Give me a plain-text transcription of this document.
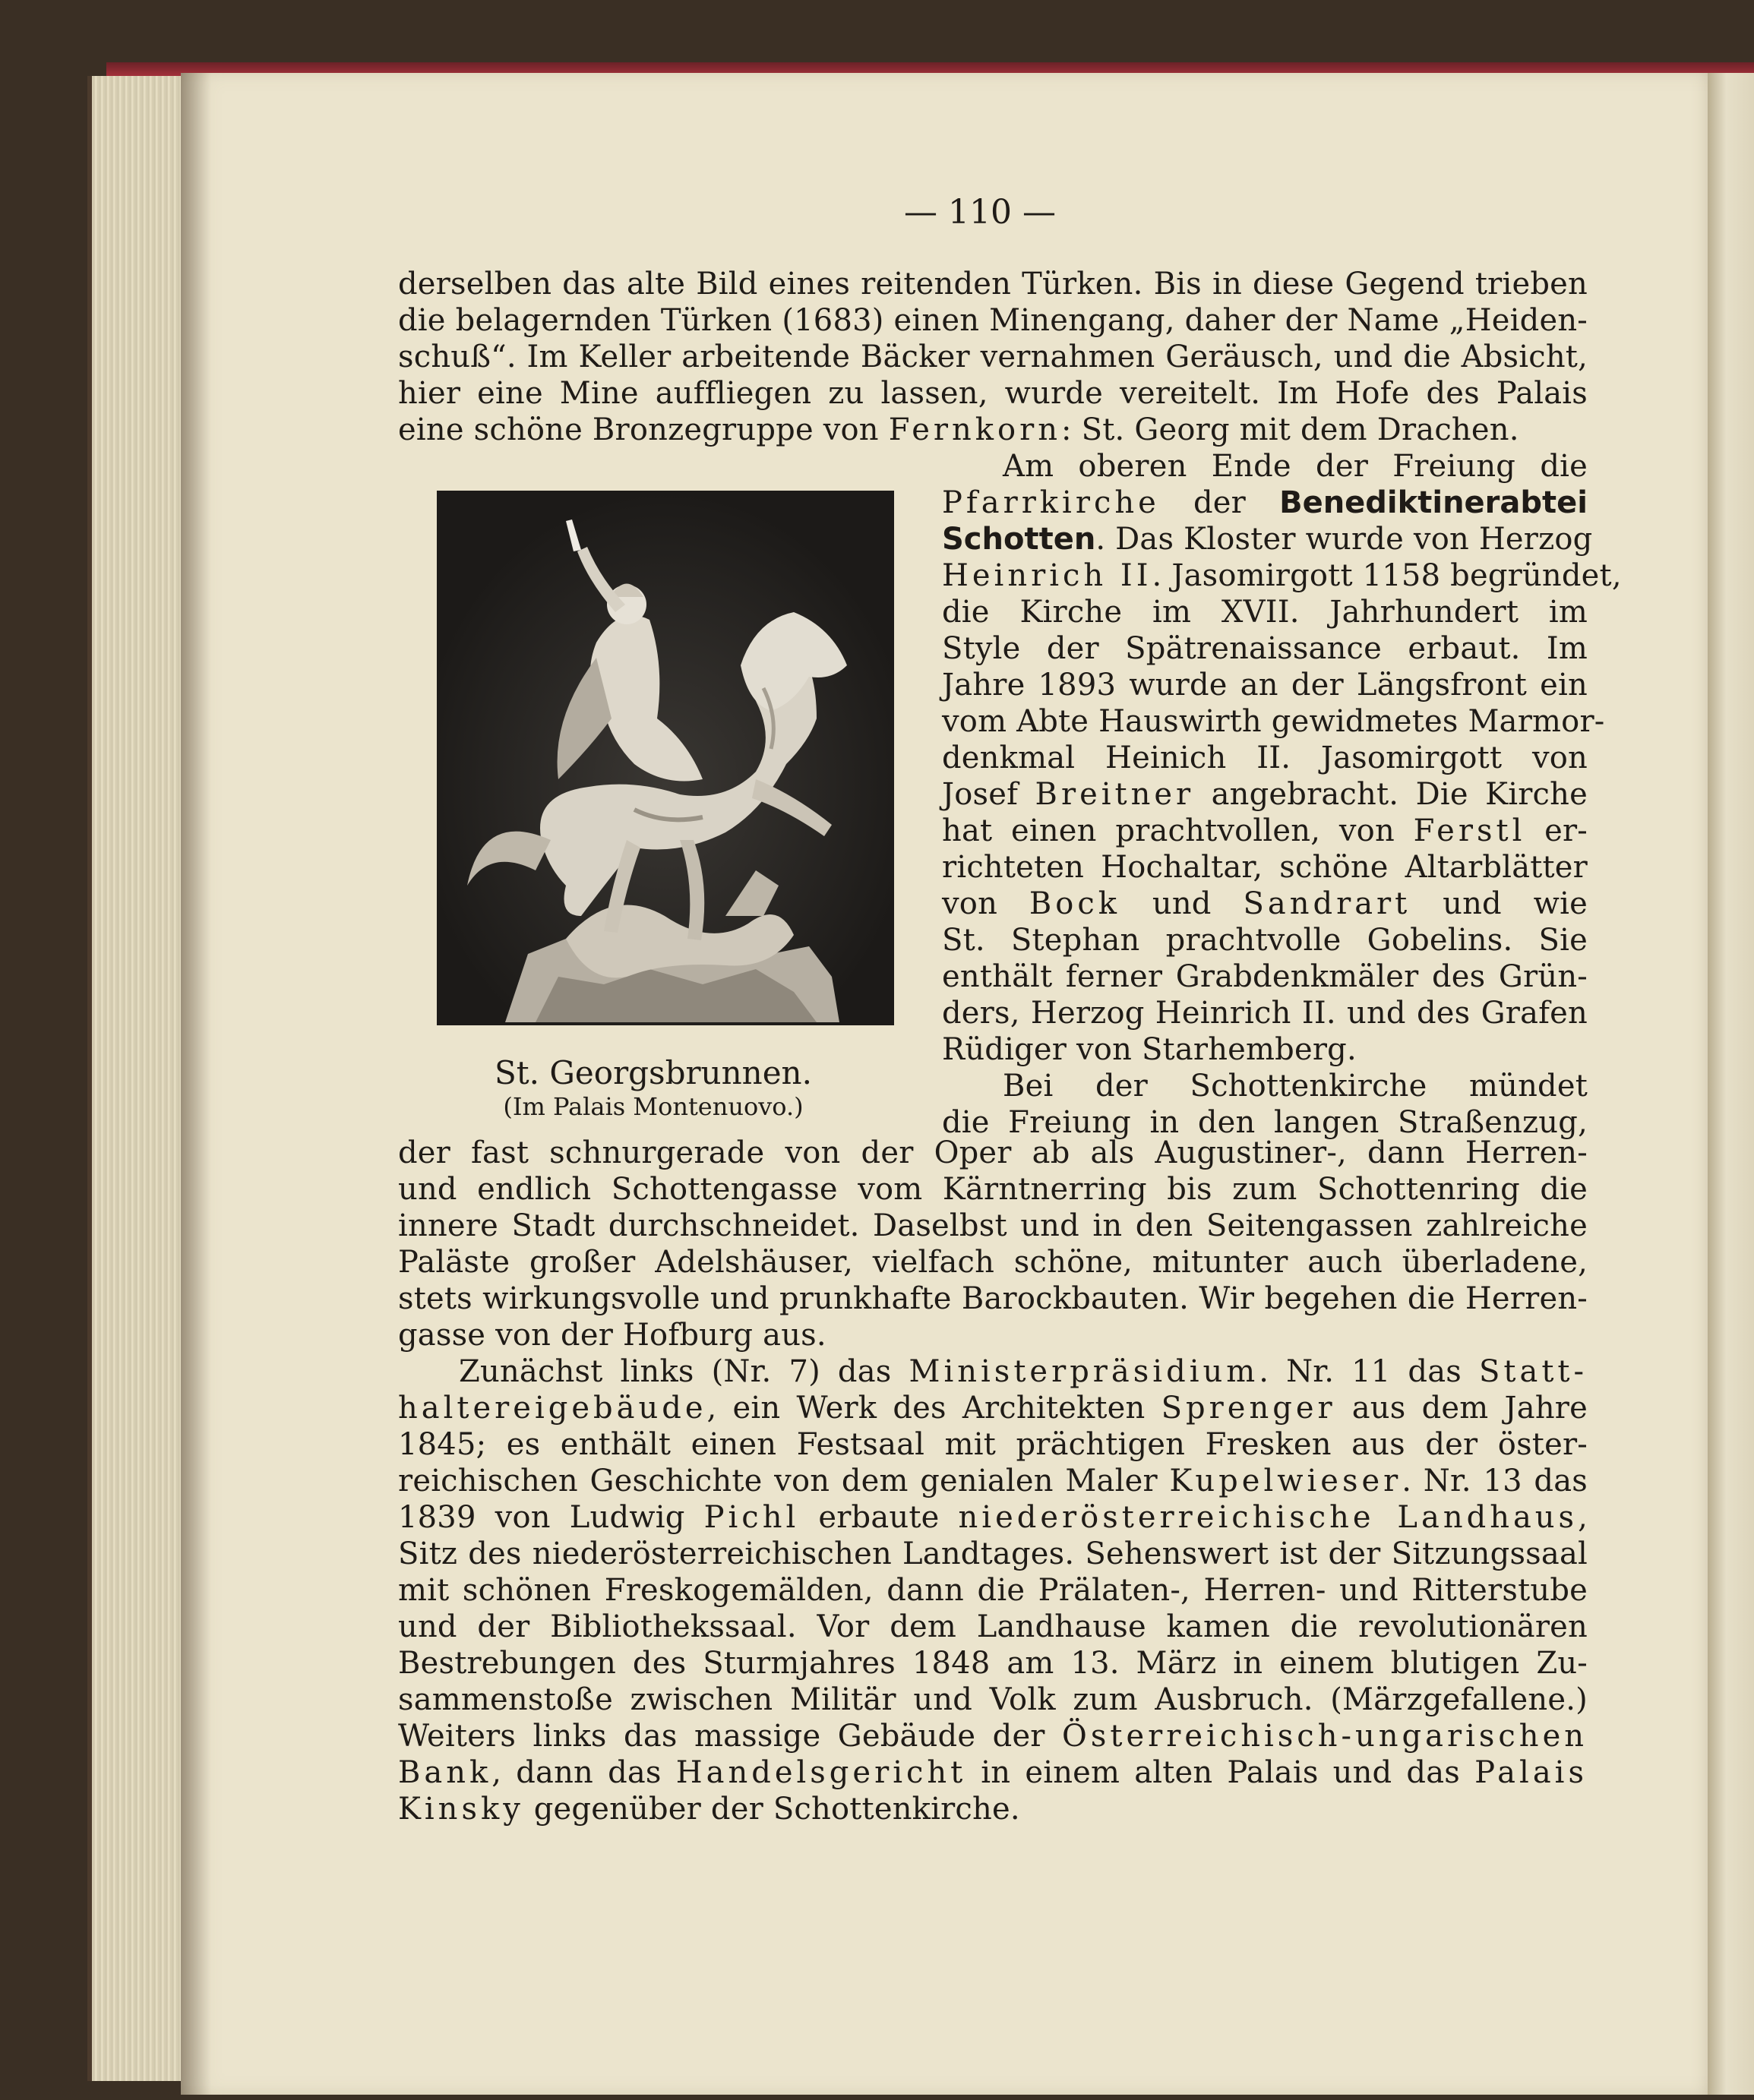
— 110 —
derselben das alte Bild eines reitenden Türken. Bis in diese Gegend trieben
die belagernden Türken (1683) einen Minengang, daher der Name „Heiden-
schuß“. Im Keller arbeitende Bäcker vernahmen Geräusch, und die Absicht,
hier eine Mine auffliegen zu lassen, wurde vereitelt. Im Hofe des Palais
eine schöne Bronzegruppe von Fernkorn: St. Georg mit dem Drachen.
St. Georgsbrunnen.
(Im Palais Montenuovo.)
Am oberen Ende der Freiung die
Pfarrkirche der Benediktinerabtei
Schotten. Das Kloster wurde von Herzog
Heinrich II. Jasomirgott 1158 begründet,
die Kirche im XVII. Jahrhundert im
Style der Spätrenaissance erbaut. Im
Jahre 1893 wurde an der Längsfront ein
vom Abte Hauswirth gewidmetes Marmor-
denkmal Heinich II. Jasomirgott von
Josef Breitner angebracht. Die Kirche
hat einen prachtvollen, von Ferstl er-
richteten Hochaltar, schöne Altarblätter
von Bock und Sandrart und wie
St. Stephan prachtvolle Gobelins. Sie
enthält ferner Grabdenkmäler des Grün-
ders, Herzog Heinrich II. und des Grafen
Rüdiger von Starhemberg.
Bei der Schottenkirche mündet
die Freiung in den langen Straßenzug,
der fast schnurgerade von der Oper ab als Augustiner-, dann Herren-
und endlich Schottengasse vom Kärntnerring bis zum Schottenring die
innere Stadt durchschneidet. Daselbst und in den Seitengassen zahlreiche
Paläste großer Adelshäuser, vielfach schöne, mitunter auch überladene,
stets wirkungsvolle und prunkhafte Barockbauten. Wir begehen die Herren-
gasse von der Hofburg aus.
Zunächst links (Nr. 7) das Ministerpräsidium. Nr. 11 das Statt-
haltereigebäude, ein Werk des Architekten Sprenger aus dem Jahre
1845; es enthält einen Festsaal mit prächtigen Fresken aus der öster-
reichischen Geschichte von dem genialen Maler Kupelwieser. Nr. 13 das
1839 von Ludwig Pichl erbaute niederösterreichische Landhaus,
Sitz des niederösterreichischen Landtages. Sehenswert ist der Sitzungssaal
mit schönen Freskogemälden, dann die Prälaten-, Herren- und Ritterstube
und der Bibliothekssaal. Vor dem Landhause kamen die revolutionären
Bestrebungen des Sturmjahres 1848 am 13. März in einem blutigen Zu-
sammenstoße zwischen Militär und Volk zum Ausbruch. (Märzgefallene.)
Weiters links das massige Gebäude der Österreichisch-ungarischen
Bank, dann das Handelsgericht in einem alten Palais und das Palais
Kinsky gegenüber der Schottenkirche.
